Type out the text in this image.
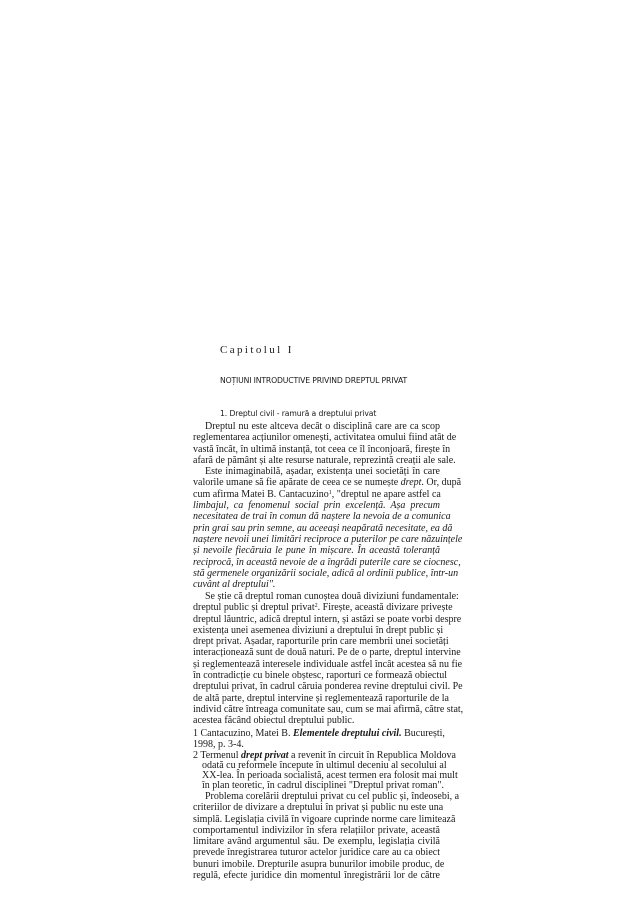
Capitolul I
NOȚIUNI INTRODUCTIVE PRIVIND DREPTUL PRIVAT
1. Dreptul civil - ramură a dreptului privat
Dreptul nu este altceva decât o disciplină care are ca scop
reglementarea acțiunilor omenești, activitatea omului fiind atât de
vastă încât, în ultimă instanță, tot ceea ce îl înconjoară, firește în
afară de pământ și alte resurse naturale, reprezintă creații ale sale.
Este inimaginabilă, așadar, existența unei societăți în care
valorile umane să fie apărate de ceea ce se numește drept. Or, după
cum afirma Matei B. Cantacuzino$^1$, "dreptul ne apare astfel ca
limbajul, ca fenomenul social prin excelență. Așa precum
necesitatea de trai în comun dă naștere la nevoia de a comunica
prin grai sau prin semne, au aceeași neapărată necesitate, ea dă
naștere nevoii unei limitări reciproce a puterilor pe care năzuințele
și nevoile fiecăruia le pune în mișcare. În această toleranță
reciprocă, în această nevoie de a îngrădi puterile care se ciocnesc,
stă germenele organizării sociale, adică al ordinii publice, într-un
cuvânt al dreptului".
Se știe că dreptul roman cunoștea două diviziuni fundamentale:
dreptul public și dreptul privat$^2$. Firește, această divizare privește
dreptul lăuntric, adică dreptul intern, și astăzi se poate vorbi despre
existența unei asemenea diviziuni a dreptului în drept public și
drept privat. Așadar, raporturile prin care membrii unei societăți
interacționează sunt de două naturi. Pe de o parte, dreptul intervine
și reglementează interesele individuale astfel încât acestea să nu fie
în contradicție cu binele obștesc, raporturi ce formează obiectul
dreptului privat, în cadrul căruia ponderea revine dreptului civil. Pe
de altă parte, dreptul intervine și reglementează raporturile de la
individ către întreaga comunitate sau, cum se mai afirmă, către stat,
acestea făcând obiectul dreptului public.
1 Cantacuzino, Matei B. Elementele dreptului civil. București,
1998, p. 3-4.
2 Termenul drept privat a revenit în circuit în Republica Moldova
odată cu reformele începute în ultimul deceniu al secolului al
XX-lea. În perioada socialistă, acest termen era folosit mai mult
în plan teoretic, în cadrul disciplinei "Dreptul privat roman".
Problema corelării dreptului privat cu cel public și, îndeosebi, a
criteriilor de divizare a dreptului în privat și public nu este una
simplă. Legislația civilă în vigoare cuprinde norme care limitează
comportamentul indivizilor în sfera relațiilor private, această
limitare având argumentul său. De exemplu, legislația civilă
prevede înregistrarea tuturor actelor juridice care au ca obiect
bunuri imobile. Drepturile asupra bunurilor imobile produc, de
regulă, efecte juridice din momentul înregistrării lor de către
